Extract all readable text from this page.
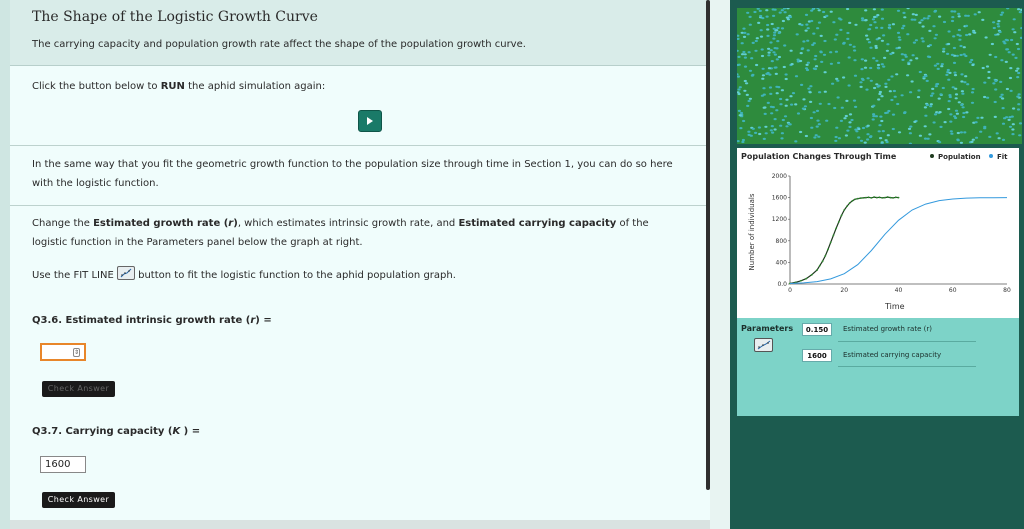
The Shape of the Logistic Growth Curve
The carrying capacity and population growth rate affect the shape of the population growth curve.
Click the button below to RUN the aphid simulation again:
In the same way that you fit the geometric growth function to the population size through time in Section 1, you can do so here with the logistic function.
Change the Estimated growth rate (r), which estimates intrinsic growth rate, and Estimated carrying capacity of the logistic function in the Parameters panel below the graph at right.
Use the FIT LINE
button to fit the logistic function to the aphid population graph.
Q3.6. Estimated intrinsic growth rate (r) =
⇕
Check Answer
Q3.7. Carrying capacity (K ) =
1600
Check Answer
Population Changes Through Time	Population	Fit
Number of individuals
0.0
400
800
1200
1600
2000
0	20	40	60	80
Time
Parameters	0.150	Estimated growth rate (r)
1600	Estimated carrying capacity
